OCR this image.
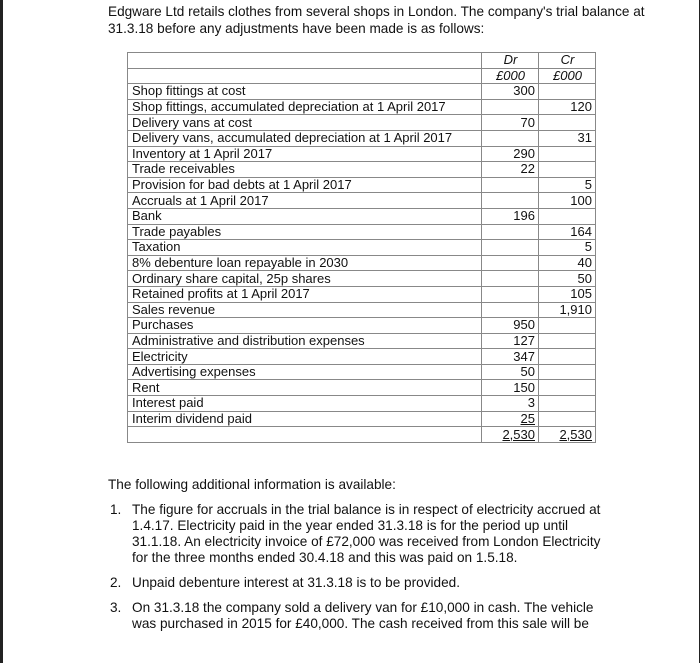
Edgware Ltd retails clothes from several shops in London. The company's trial balance at 31.3.18 before any adjustments have been made is as follows:
	Dr	Cr
	£000	£000
Shop fittings at cost	300	
Shop fittings, accumulated depreciation at 1 April 2017		120
Delivery vans at cost	70	
Delivery vans, accumulated depreciation at 1 April 2017		31
Inventory at 1 April 2017	290	
Trade receivables	22	
Provision for bad debts at 1 April 2017		5
Accruals at 1 April 2017		100
Bank	196	
Trade payables		164
Taxation		5
8% debenture loan repayable in 2030		40
Ordinary share capital, 25p shares		50
Retained profits at 1 April 2017		105
Sales revenue		1,910
Purchases	950	
Administrative and distribution expenses	127	
Electricity	347	
Advertising expenses	50	
Rent	150	
Interest paid	3	
Interim dividend paid	25	
	2,530	2,530
The following additional information is available:
1. The figure for accruals in the trial balance is in respect of electricity accrued at 1.4.17. Electricity paid in the year ended 31.3.18 is for the period up until 31.1.18. An electricity invoice of £72,000 was received from London Electricity for the three months ended 30.4.18 and this was paid on 1.5.18.
2. Unpaid debenture interest at 31.3.18 is to be provided.
3. On 31.3.18 the company sold a delivery van for £10,000 in cash. The vehicle was purchased in 2015 for £40,000. The cash received from this sale will be
